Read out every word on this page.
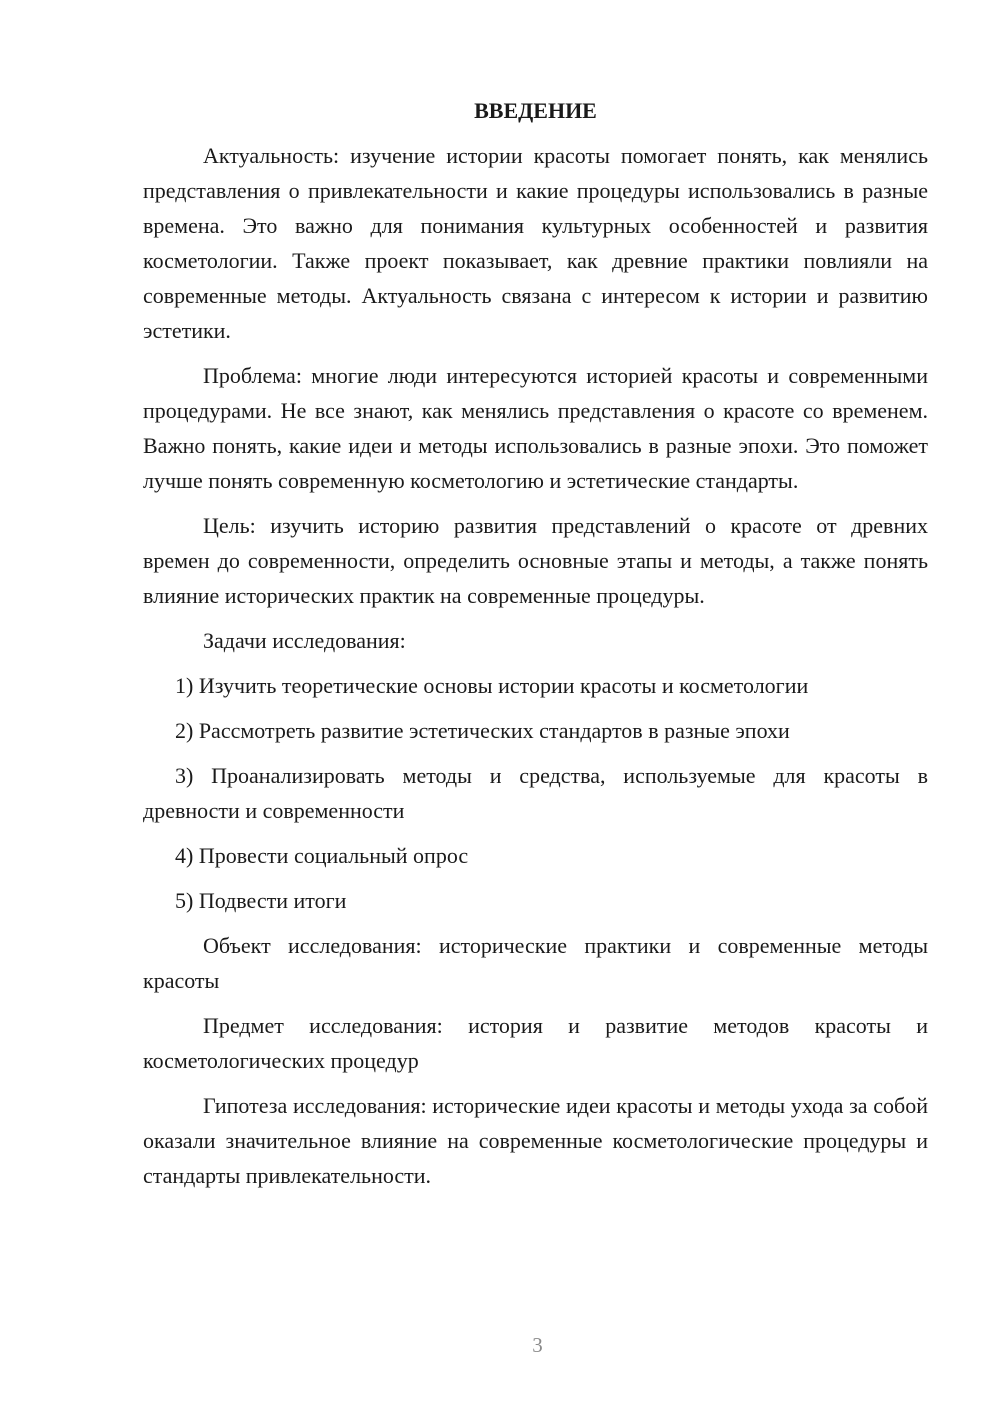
ВВЕДЕНИЕ

Актуальность: изучение истории красоты помогает понять, как менялись представления о привлекательности и какие процедуры использовались в разные времена. Это важно для понимания культурных особенностей и развития косметологии. Также проект показывает, как древние практики повлияли на современные методы. Актуальность связана с интересом к истории и развитию эстетики.

Проблема: многие люди интересуются историей красоты и современными процедурами. Не все знают, как менялись представления о красоте со временем. Важно понять, какие идеи и методы использовались в разные эпохи. Это поможет лучше понять современную косметологию и эстетические стандарты.

Цель: изучить историю развития представлений о красоте от древних времен до современности, определить основные этапы и методы, а также понять влияние исторических практик на современные процедуры.

Задачи исследования:

1) Изучить теоретические основы истории красоты и косметологии
2) Рассмотреть развитие эстетических стандартов в разные эпохи
3) Проанализировать методы и средства, используемые для красоты в древности и современности
4) Провести социальный опрос
5) Подвести итоги

Объект исследования: исторические практики и современные методы красоты

Предмет исследования: история и развитие методов красоты и косметологических процедур

Гипотеза исследования: исторические идеи красоты и методы ухода за собой оказали значительное влияние на современные косметологические процедуры и стандарты привлекательности.

3
